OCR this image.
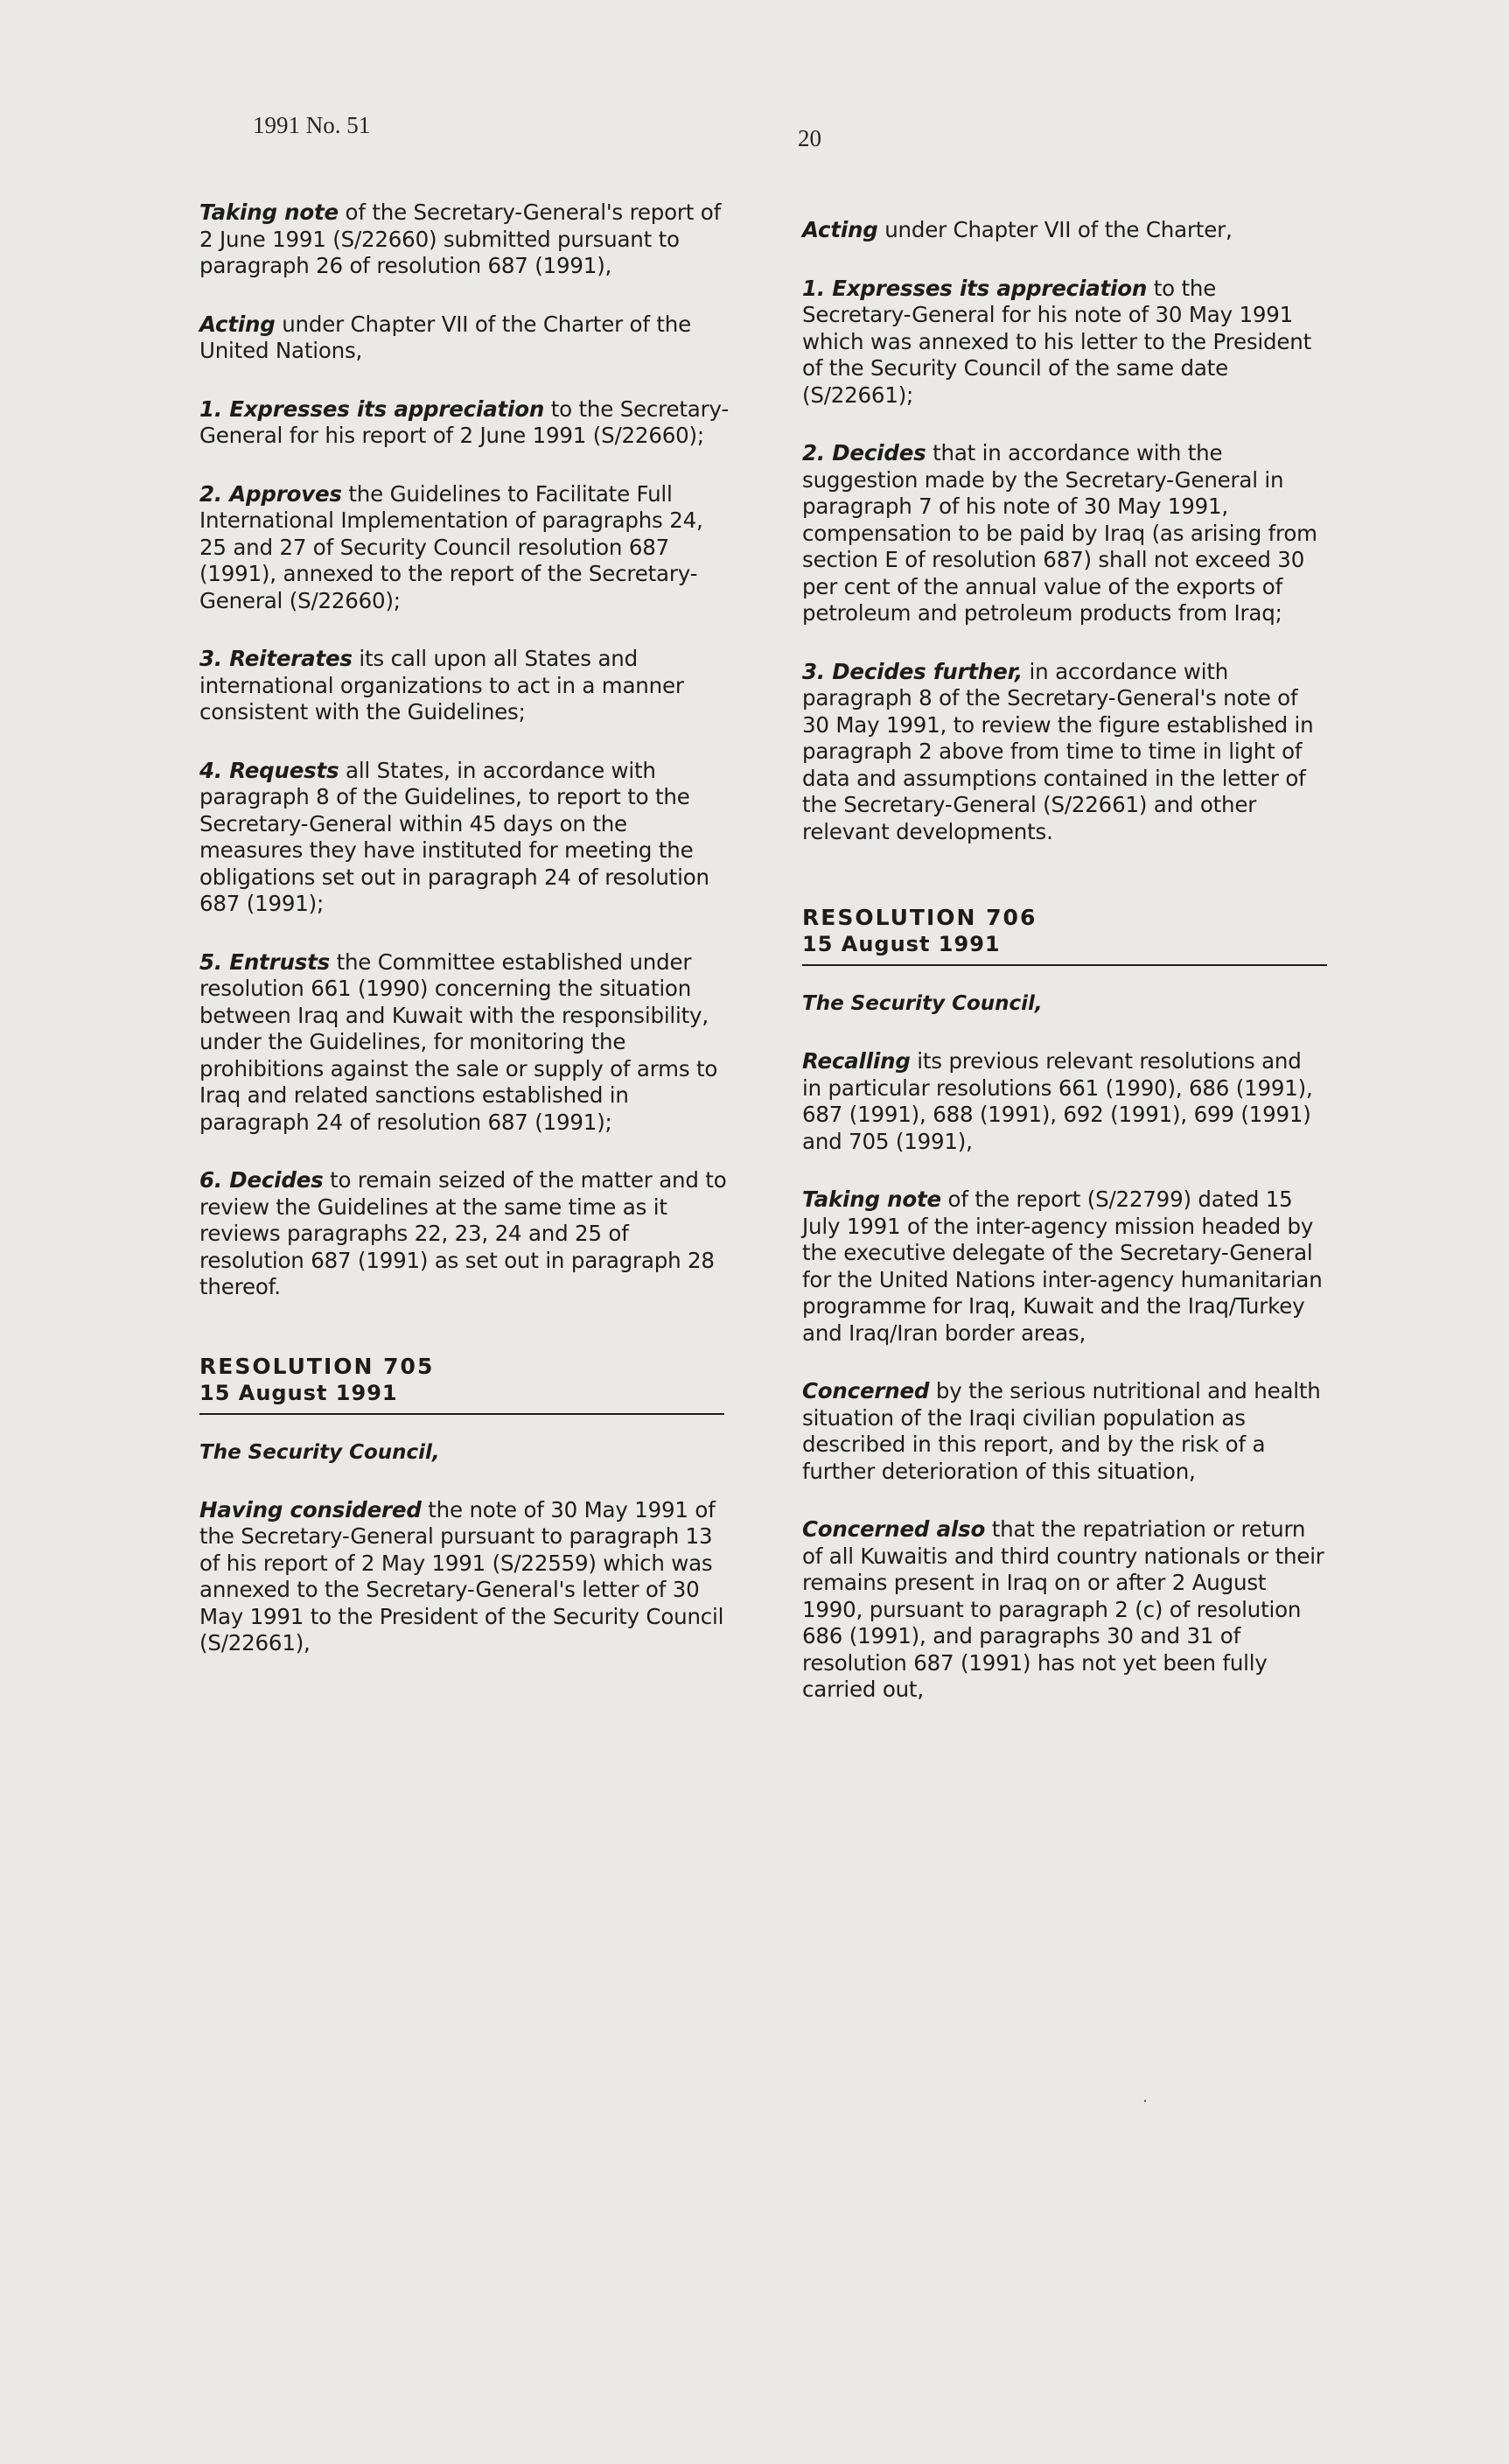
1991 No. 51	20

Taking note of the Secretary-General's report of 2 June 1991 (S/22660) submitted pursuant to paragraph 26 of resolution 687 (1991),

Acting under Chapter VII of the Charter of the United Nations,

1. Expresses its appreciation to the Secretary-General for his report of 2 June 1991 (S/22660);

2. Approves the Guidelines to Facilitate Full International Implementation of paragraphs 24, 25 and 27 of Security Council resolution 687 (1991), annexed to the report of the Secretary-General (S/22660);

3. Reiterates its call upon all States and international organizations to act in a manner consistent with the Guidelines;

4. Requests all States, in accordance with paragraph 8 of the Guidelines, to report to the Secretary-General within 45 days on the measures they have instituted for meeting the obligations set out in paragraph 24 of resolution 687 (1991);

5. Entrusts the Committee established under resolution 661 (1990) concerning the situation between Iraq and Kuwait with the responsibility, under the Guidelines, for monitoring the prohibitions against the sale or supply of arms to Iraq and related sanctions established in paragraph 24 of resolution 687 (1991);

6. Decides to remain seized of the matter and to review the Guidelines at the same time as it reviews paragraphs 22, 23, 24 and 25 of resolution 687 (1991) as set out in paragraph 28 thereof.

RESOLUTION 705

15 August 1991

The Security Council,

Having considered the note of 30 May 1991 of the Secretary-General pursuant to paragraph 13 of his report of 2 May 1991 (S/22559) which was annexed to the Secretary-General's letter of 30 May 1991 to the President of the Security Council (S/22661),

Acting under Chapter VII of the Charter,

1. Expresses its appreciation to the Secretary-General for his note of 30 May 1991 which was annexed to his letter to the President of the Security Council of the same date (S/22661);

2. Decides that in accordance with the suggestion made by the Secretary-General in paragraph 7 of his note of 30 May 1991, compensation to be paid by Iraq (as arising from section E of resolution 687) shall not exceed 30 per cent of the annual value of the exports of petroleum and petroleum products from Iraq;

3. Decides further, in accordance with paragraph 8 of the Secretary-General's note of 30 May 1991, to review the figure established in paragraph 2 above from time to time in light of data and assumptions contained in the letter of the Secretary-General (S/22661) and other relevant developments.

RESOLUTION 706

15 August 1991

The Security Council,

Recalling its previous relevant resolutions and in particular resolutions 661 (1990), 686 (1991), 687 (1991), 688 (1991), 692 (1991), 699 (1991) and 705 (1991),

Taking note of the report (S/22799) dated 15 July 1991 of the inter-agency mission headed by the executive delegate of the Secretary-General for the United Nations inter-agency humanitarian programme for Iraq, Kuwait and the Iraq/Turkey and Iraq/Iran border areas,

Concerned by the serious nutritional and health situation of the Iraqi civilian population as described in this report, and by the risk of a further deterioration of this situation,

Concerned also that the repatriation or return of all Kuwaitis and third country nationals or their remains present in Iraq on or after 2 August 1990, pursuant to paragraph 2 (c) of resolution 686 (1991), and paragraphs 30 and 31 of resolution 687 (1991) has not yet been fully carried out,
